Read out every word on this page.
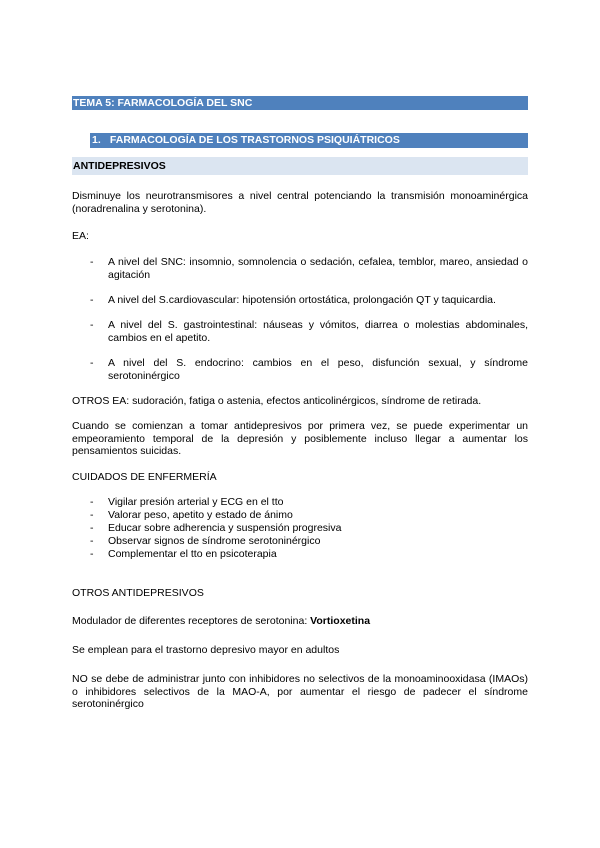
TEMA 5: FARMACOLOGÍA DEL SNC
1. FARMACOLOGÍA DE LOS TRASTORNOS PSIQUIÁTRICOS
ANTIDEPRESIVOS

Disminuye los neurotransmisores a nivel central potenciando la transmisión monoaminérgica (noradrenalina y serotonina).

EA:

- A nivel del SNC: insomnio, somnolencia o sedación, cefalea, temblor, mareo, ansiedad o agitación
- A nivel del S.cardiovascular: hipotensión ortostática, prolongación QT y taquicardia.
- A nivel del S. gastrointestinal: náuseas y vómitos, diarrea o molestias abdominales, cambios en el apetito.
- A nivel del S. endocrino: cambios en el peso, disfunción sexual, y síndrome serotoninérgico

OTROS EA: sudoración, fatiga o astenia, efectos anticolinérgicos, síndrome de retirada.

Cuando se comienzan a tomar antidepresivos por primera vez, se puede experimentar un empeoramiento temporal de la depresión y posiblemente incluso llegar a aumentar los pensamientos suicidas.

CUIDADOS DE ENFERMERÍA

- Vigilar presión arterial y ECG en el tto
- Valorar peso, apetito y estado de ánimo
- Educar sobre adherencia y suspensión progresiva
- Observar signos de síndrome serotoninérgico
- Complementar el tto en psicoterapia

OTROS ANTIDEPRESIVOS

Modulador de diferentes receptores de serotonina: Vortioxetina

Se emplean para el trastorno depresivo mayor en adultos

NO se debe de administrar junto con inhibidores no selectivos de la monoaminooxidasa (IMAOs) o inhibidores selectivos de la MAO-A, por aumentar el riesgo de padecer el síndrome serotoninérgico
